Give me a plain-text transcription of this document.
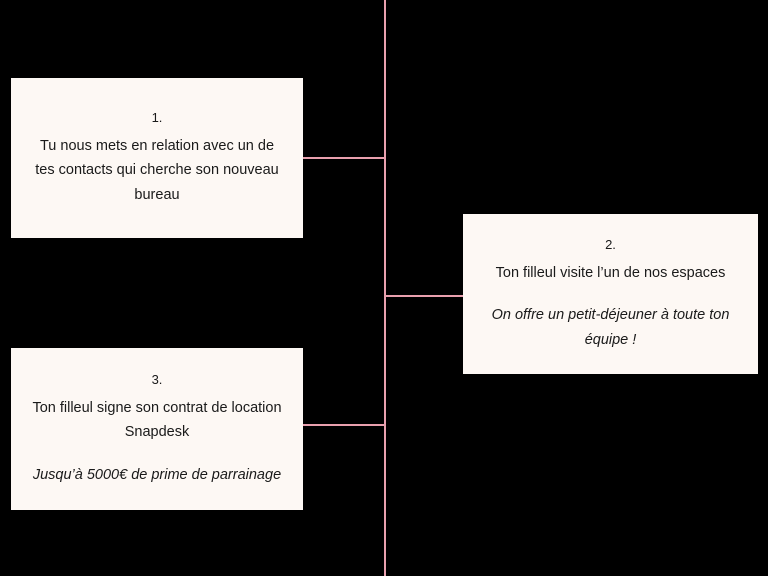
1.
Tu nous mets en relation avec un de tes contacts qui cherche son nouveau bureau
2.
Ton filleul visite l’un de nos espaces
On offre un petit-déjeuner à toute ton équipe !
3.
Ton filleul signe son contrat de location Snapdesk
Jusqu’à 5000€ de prime de parrainage
